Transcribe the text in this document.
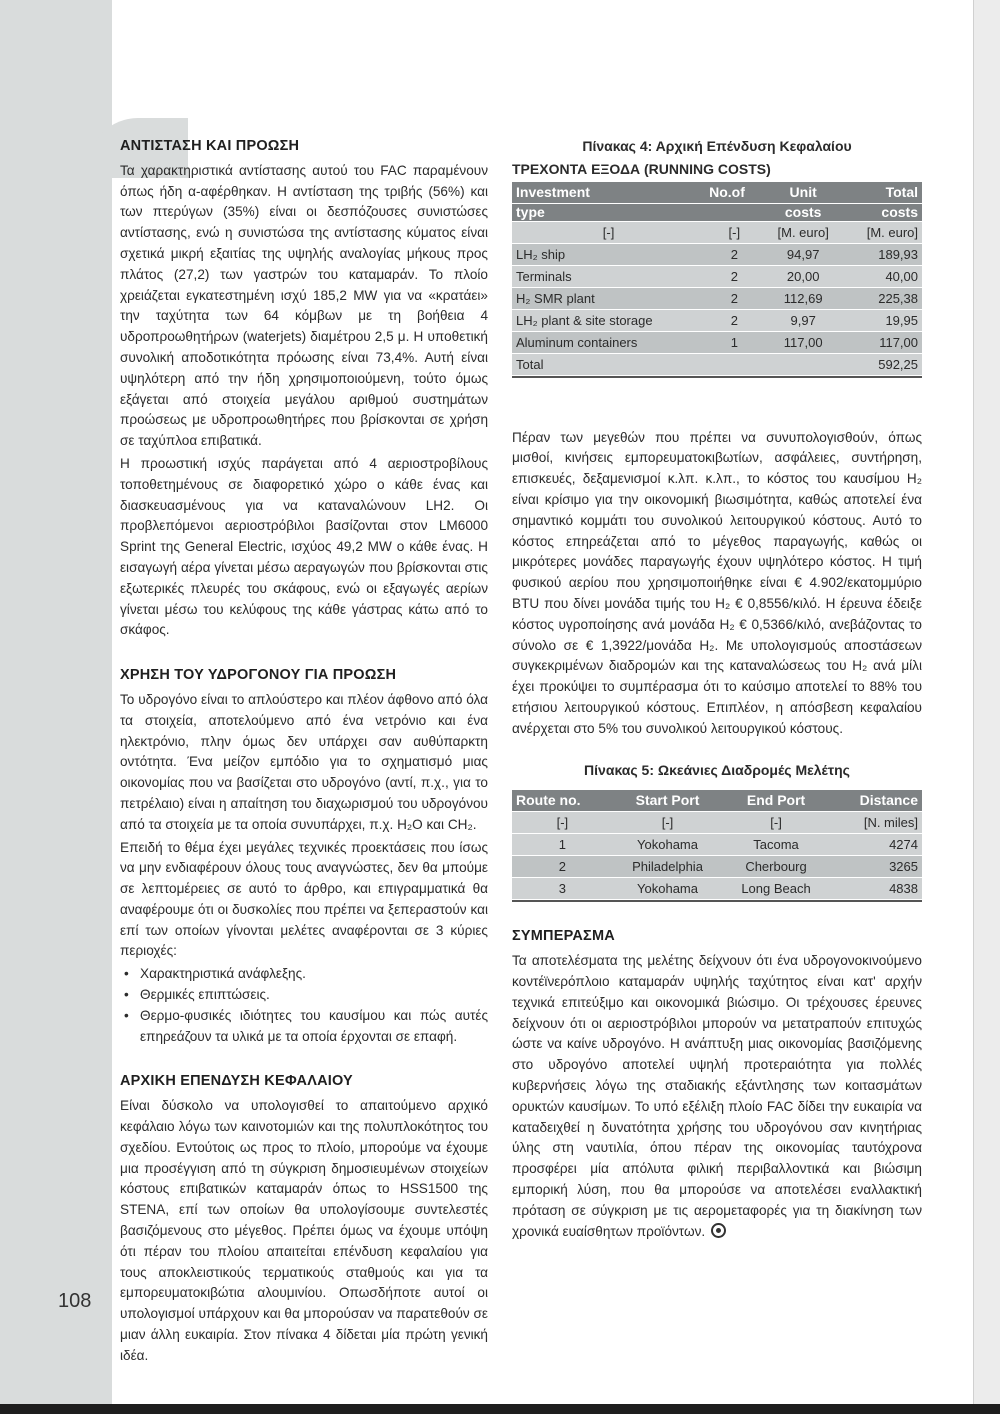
108
ΑΝΤΙΣΤΑΣΗ ΚΑΙ ΠΡΟΩΣΗ

Τα χαρακτηριστικά αντίστασης αυτού του FAC παραμένουν όπως ήδη α-αφέρθηκαν. Η αντίσταση της τριβής (56%) και των πτερύγων (35%) είναι οι δεσπόζουσες συνιστώσες αντίστασης, ενώ η συνιστώσα της αντίστασης κύματος είναι σχετικά μικρή εξαιτίας της υψηλής αναλογίας μήκους προς πλάτος (27,2) των γαστρών του καταμαράν. Το πλοίο χρειάζεται εγκατεστημένη ισχύ 185,2 MW για να «κρατάει» την ταχύτητα των 64 κόμβων με τη βοήθεια 4 υδροπροωθητήρων (waterjets) διαμέτρου 2,5 μ. Η υποθετική συνολική αποδοτικότητα πρόωσης είναι 73,4%. Αυτή είναι υψηλότερη από την ήδη χρησιμοποιούμενη, τούτο όμως εξάγεται από στοιχεία μεγάλου αριθμού συστημάτων προώσεως με υδροπροωθητήρες που βρίσκονται σε χρήση σε ταχύπλοα επιβατικά.

Η προωστική ισχύς παράγεται από 4 αεριοστροβίλους τοποθετημένους σε διαφορετικό χώρο ο κάθε ένας και διασκευασμένους για να καταναλώνουν LH2. Οι προβλεπόμενοι αεριοστρόβιλοι βασίζονται στον LM6000 Sprint της General Electric, ισχύος 49,2 MW ο κάθε ένας. Η εισαγωγή αέρα γίνεται μέσω αεραγωγών που βρίσκονται στις εξωτερικές πλευρές του σκάφους, ενώ οι εξαγωγές αερίων γίνεται μέσω του κελύφους της κάθε γάστρας κάτω από το σκάφος.

ΧΡΗΣΗ ΤΟΥ ΥΔΡΟΓΟΝΟΥ ΓΙΑ ΠΡΟΩΣΗ

Το υδρογόνο είναι το απλούστερο και πλέον άφθονο από όλα τα στοιχεία, αποτελούμενο από ένα νετρόνιο και ένα ηλεκτρόνιο, πλην όμως δεν υπάρχει σαν αυθύπαρκτη οντότητα. Ένα μείζον εμπόδιο για το σχηματισμό μιας οικονομίας που να βασίζεται στο υδρογόνο (αντί, π.χ., για το πετρέλαιο) είναι η απαίτηση του διαχωρισμού του υδρογόνου από τα στοιχεία με τα οποία συνυπάρχει, π.χ. H₂O και CH₂.

Επειδή το θέμα έχει μεγάλες τεχνικές προεκτάσεις που ίσως να μην ενδιαφέρουν όλους τους αναγνώστες, δεν θα μπούμε σε λεπτομέρειες σε αυτό το άρθρο, και επιγραμματικά θα αναφέρουμε ότι οι δυσκολίες που πρέπει να ξεπεραστούν και επί των οποίων γίνονται μελέτες αναφέρονται σε 3 κύριες περιοχές:

• Χαρακτηριστικά ανάφλεξης.
• Θερμικές επιπτώσεις.
• Θερμο-φυσικές ιδιότητες του καυσίμου και πώς αυτές επηρεάζουν τα υλικά με τα οποία έρχονται σε επαφή.
ΑΡΧΙΚΗ ΕΠΕΝΔΥΣΗ ΚΕΦΑΛΑΙΟΥ

Είναι δύσκολο να υπολογισθεί το απαιτούμενο αρχικό κεφάλαιο λόγω των καινοτομιών και της πολυπλοκότητος του σχεδίου. Εντούτοις ως προς το πλοίο, μπορούμε να έχουμε μια προσέγγιση από τη σύγκριση δημοσιευμένων στοιχείων κόστους επιβατικών καταμαράν όπως το HSS1500 της STENA, επί των οποίων θα υπολογίσουμε συντελεστές βασιζόμενους στο μέγεθος. Πρέπει όμως να έχουμε υπόψη ότι πέραν του πλοίου απαιτείται επένδυση κεφαλαίου για τους αποκλειστικούς τερματικούς σταθμούς και για τα εμπορευματοκιβώτια αλουμινίου. Οπωσδήποτε αυτοί οι υπολογισμοί υπάρχουν και θα μπορούσαν να παρατεθούν σε μιαν άλλη ευκαιρία. Στον πίνακα 4 δίδεται μία πρώτη γενική ιδέα.

Πίνακας 4: Αρχική Επένδυση Κεφαλαίου

ΤΡΕΧΟΝΤΑ ΕΞΟΔΑ (RUNNING COSTS)

Investment	No.of	Unit	Total
type		costs	costs
[-]	[-]	[M. euro]	[M. euro]
LH₂ ship	2	94,97	189,93
Terminals	2	20,00	40,00
H₂ SMR plant	2	112,69	225,38
LH₂ plant & site storage	2	9,97	19,95
Aluminum containers	1	117,00	117,00
Total			592,25

Πέραν των μεγεθών που πρέπει να συνυπολογισθούν, όπως μισθοί, κινήσεις εμπορευματοκιβωτίων, ασφάλειες, συντήρηση, επισκευές, δεξαμενισμοί κ.λπ. κ.λπ., το κόστος του καυσίμου H₂ είναι κρίσιμο για την οικονομική βιωσιμότητα, καθώς αποτελεί ένα σημαντικό κομμάτι του συνολικού λειτουργικού κόστους. Αυτό το κόστος επηρεάζεται από το μέγεθος παραγωγής, καθώς οι μικρότερες μονάδες παραγωγής έχουν υψηλότερο κόστος. Η τιμή φυσικού αερίου που χρησιμοποιήθηκε είναι € 4.902/εκατομμύριο BTU που δίνει μονάδα τιμής του H₂ € 0,8556/κιλό. Η έρευνα έδειξε κόστος υγροποίησης ανά μονάδα H₂ € 0,5366/κιλό, ανεβάζοντας το σύνολο σε € 1,3922/μονάδα H₂. Με υπολογισμούς αποστάσεων συγκεκριμένων διαδρομών και της καταναλώσεως του H₂ ανά μίλι έχει προκύψει το συμπέρασμα ότι το καύσιμο αποτελεί το 88% του ετήσιου λειτουργικού κόστους. Επιπλέον, η απόσβεση κεφαλαίου ανέρχεται στο 5% του συνολικού λειτουργικού κόστους.

Πίνακας 5: Ωκεάνιες Διαδρομές Μελέτης

Route no.	Start Port	End Port	Distance
[-]	[-]	[-]	[N. miles]
1	Yokohama	Tacoma	4274
2	Philadelphia	Cherbourg	3265
3	Yokohama	Long Beach	4838
ΣΥΜΠΕΡΑΣΜΑ

Τα αποτελέσματα της μελέτης δείχνουν ότι ένα υδρογονοκινούμενο κοντέϊνερόπλοιο καταμαράν υψηλής ταχύτητος είναι κατ' αρχήν τεχνικά επιτεύξιμο και οικονομικά βιώσιμο. Οι τρέχουσες έρευνες δείχνουν ότι οι αεριοστρόβιλοι μπορούν να μετατραπούν επιτυχώς ώστε να καίνε υδρογόνο. Η ανάπτυξη μιας οικονομίας βασιζόμενης στο υδρογόνο αποτελεί υψηλή προτεραιότητα για πολλές κυβερνήσεις λόγω της σταδιακής εξάντλησης των κοιτασμάτων ορυκτών καυσίμων. Το υπό εξέλιξη πλοίο FAC δίδει την ευκαιρία να καταδειχθεί η δυνατότητα χρήσης του υδρογόνου σαν κινητήριας ύλης στη ναυτιλία, όπου πέραν της οικονομίας ταυτόχρονα προσφέρει μία απόλυτα φιλική περιβαλλοντικά και βιώσιμη εμπορική λύση, που θα μπορούσε να αποτελέσει εναλλακτική πρόταση σε σύγκριση με τις αερομεταφορές για τη διακίνηση των χρονικά ευαίσθητων προϊόντων.
